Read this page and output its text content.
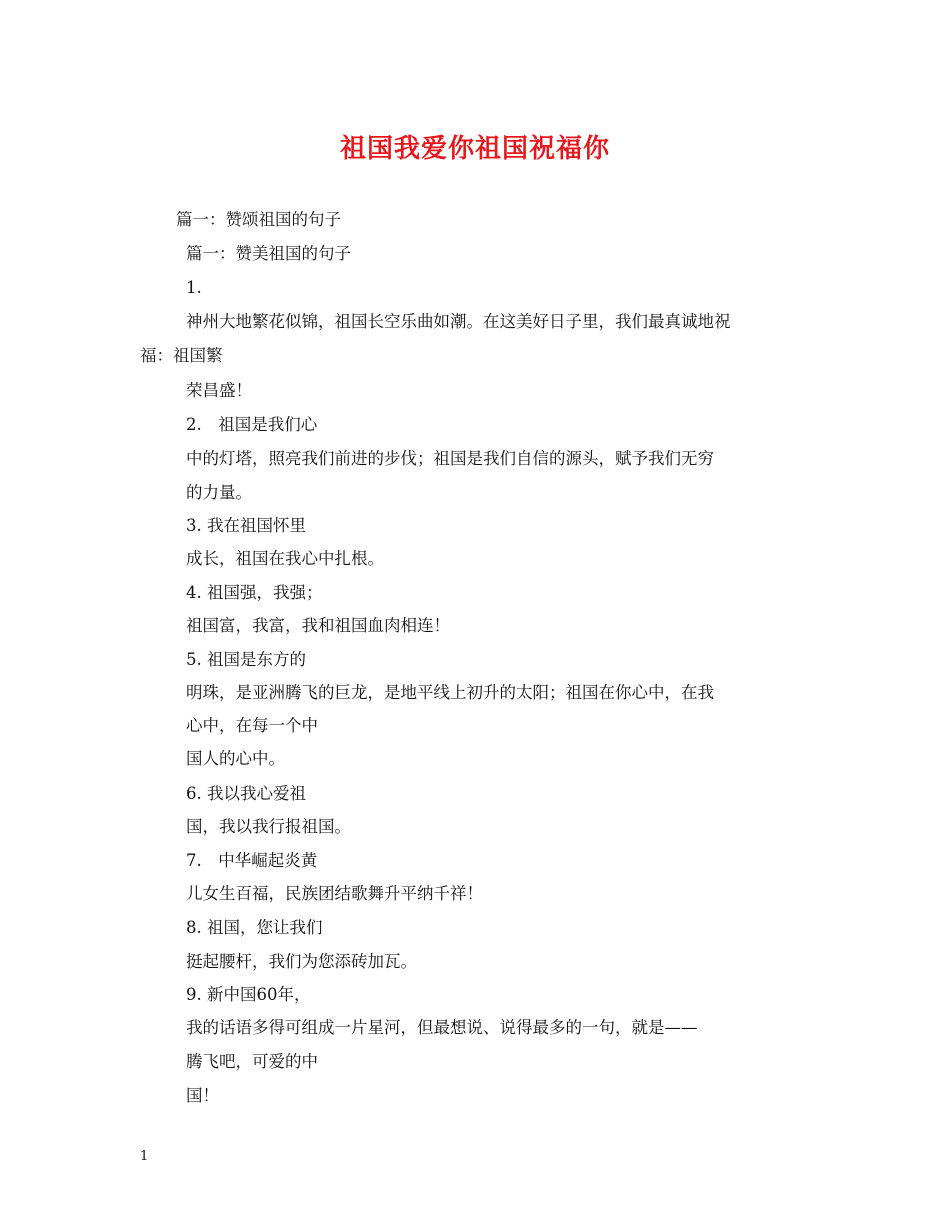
祖国我爱你祖国祝福你
篇一：赞颂祖国的句子
篇一：赞美祖国的句子
1.
神州大地繁花似锦，祖国长空乐曲如潮。在这美好日子里，我们最真诚地祝
福：祖国繁
荣昌盛！
2.　祖国是我们心
中的灯塔，照亮我们前进的步伐；祖国是我们自信的源头，赋予我们无穷
的力量。
3. 我在祖国怀里
成长，祖国在我心中扎根。
4. 祖国强，我强；
祖国富，我富，我和祖国血肉相连！
5. 祖国是东方的
明珠，是亚洲腾飞的巨龙，是地平线上初升的太阳；祖国在你心中，在我
心中，在每一个中
国人的心中。
6. 我以我心爱祖
国，我以我行报祖国。
7.　中华崛起炎黄
儿女生百福，民族团结歌舞升平纳千祥！
8. 祖国，您让我们
挺起腰杆，我们为您添砖加瓦。
9. 新中国60年，
我的话语多得可组成一片星河，但最想说、说得最多的一句，就是——
腾飞吧，可爱的中
国！
1
